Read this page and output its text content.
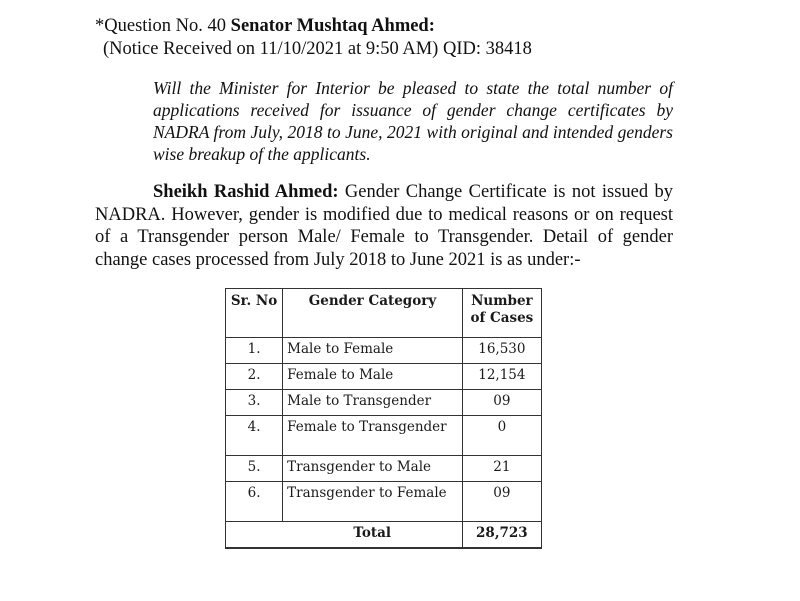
*Question No. 40 Senator Mushtaq Ahmed:
(Notice Received on 11/10/2021 at 9:50 AM) QID: 38418
Will the Minister for Interior be pleased to state the total number of applications received for issuance of gender change certificates by NADRA from July, 2018 to June, 2021 with original and intended genders wise breakup of the applicants.
Sheikh Rashid Ahmed: Gender Change Certificate is not issued by NADRA. However, gender is modified due to medical reasons or on request of a Transgender person Male/ Female to Transgender. Detail of gender change cases processed from July 2018 to June 2021 is as under:-
Sr. No	Gender Category	Number of Cases
1.	Male to Female	16,530
2.	Female to Male	12,154
3.	Male to Transgender	09
4.	Female to Transgender	0
5.	Transgender to Male	21
6.	Transgender to Female	09
	Total	28,723
